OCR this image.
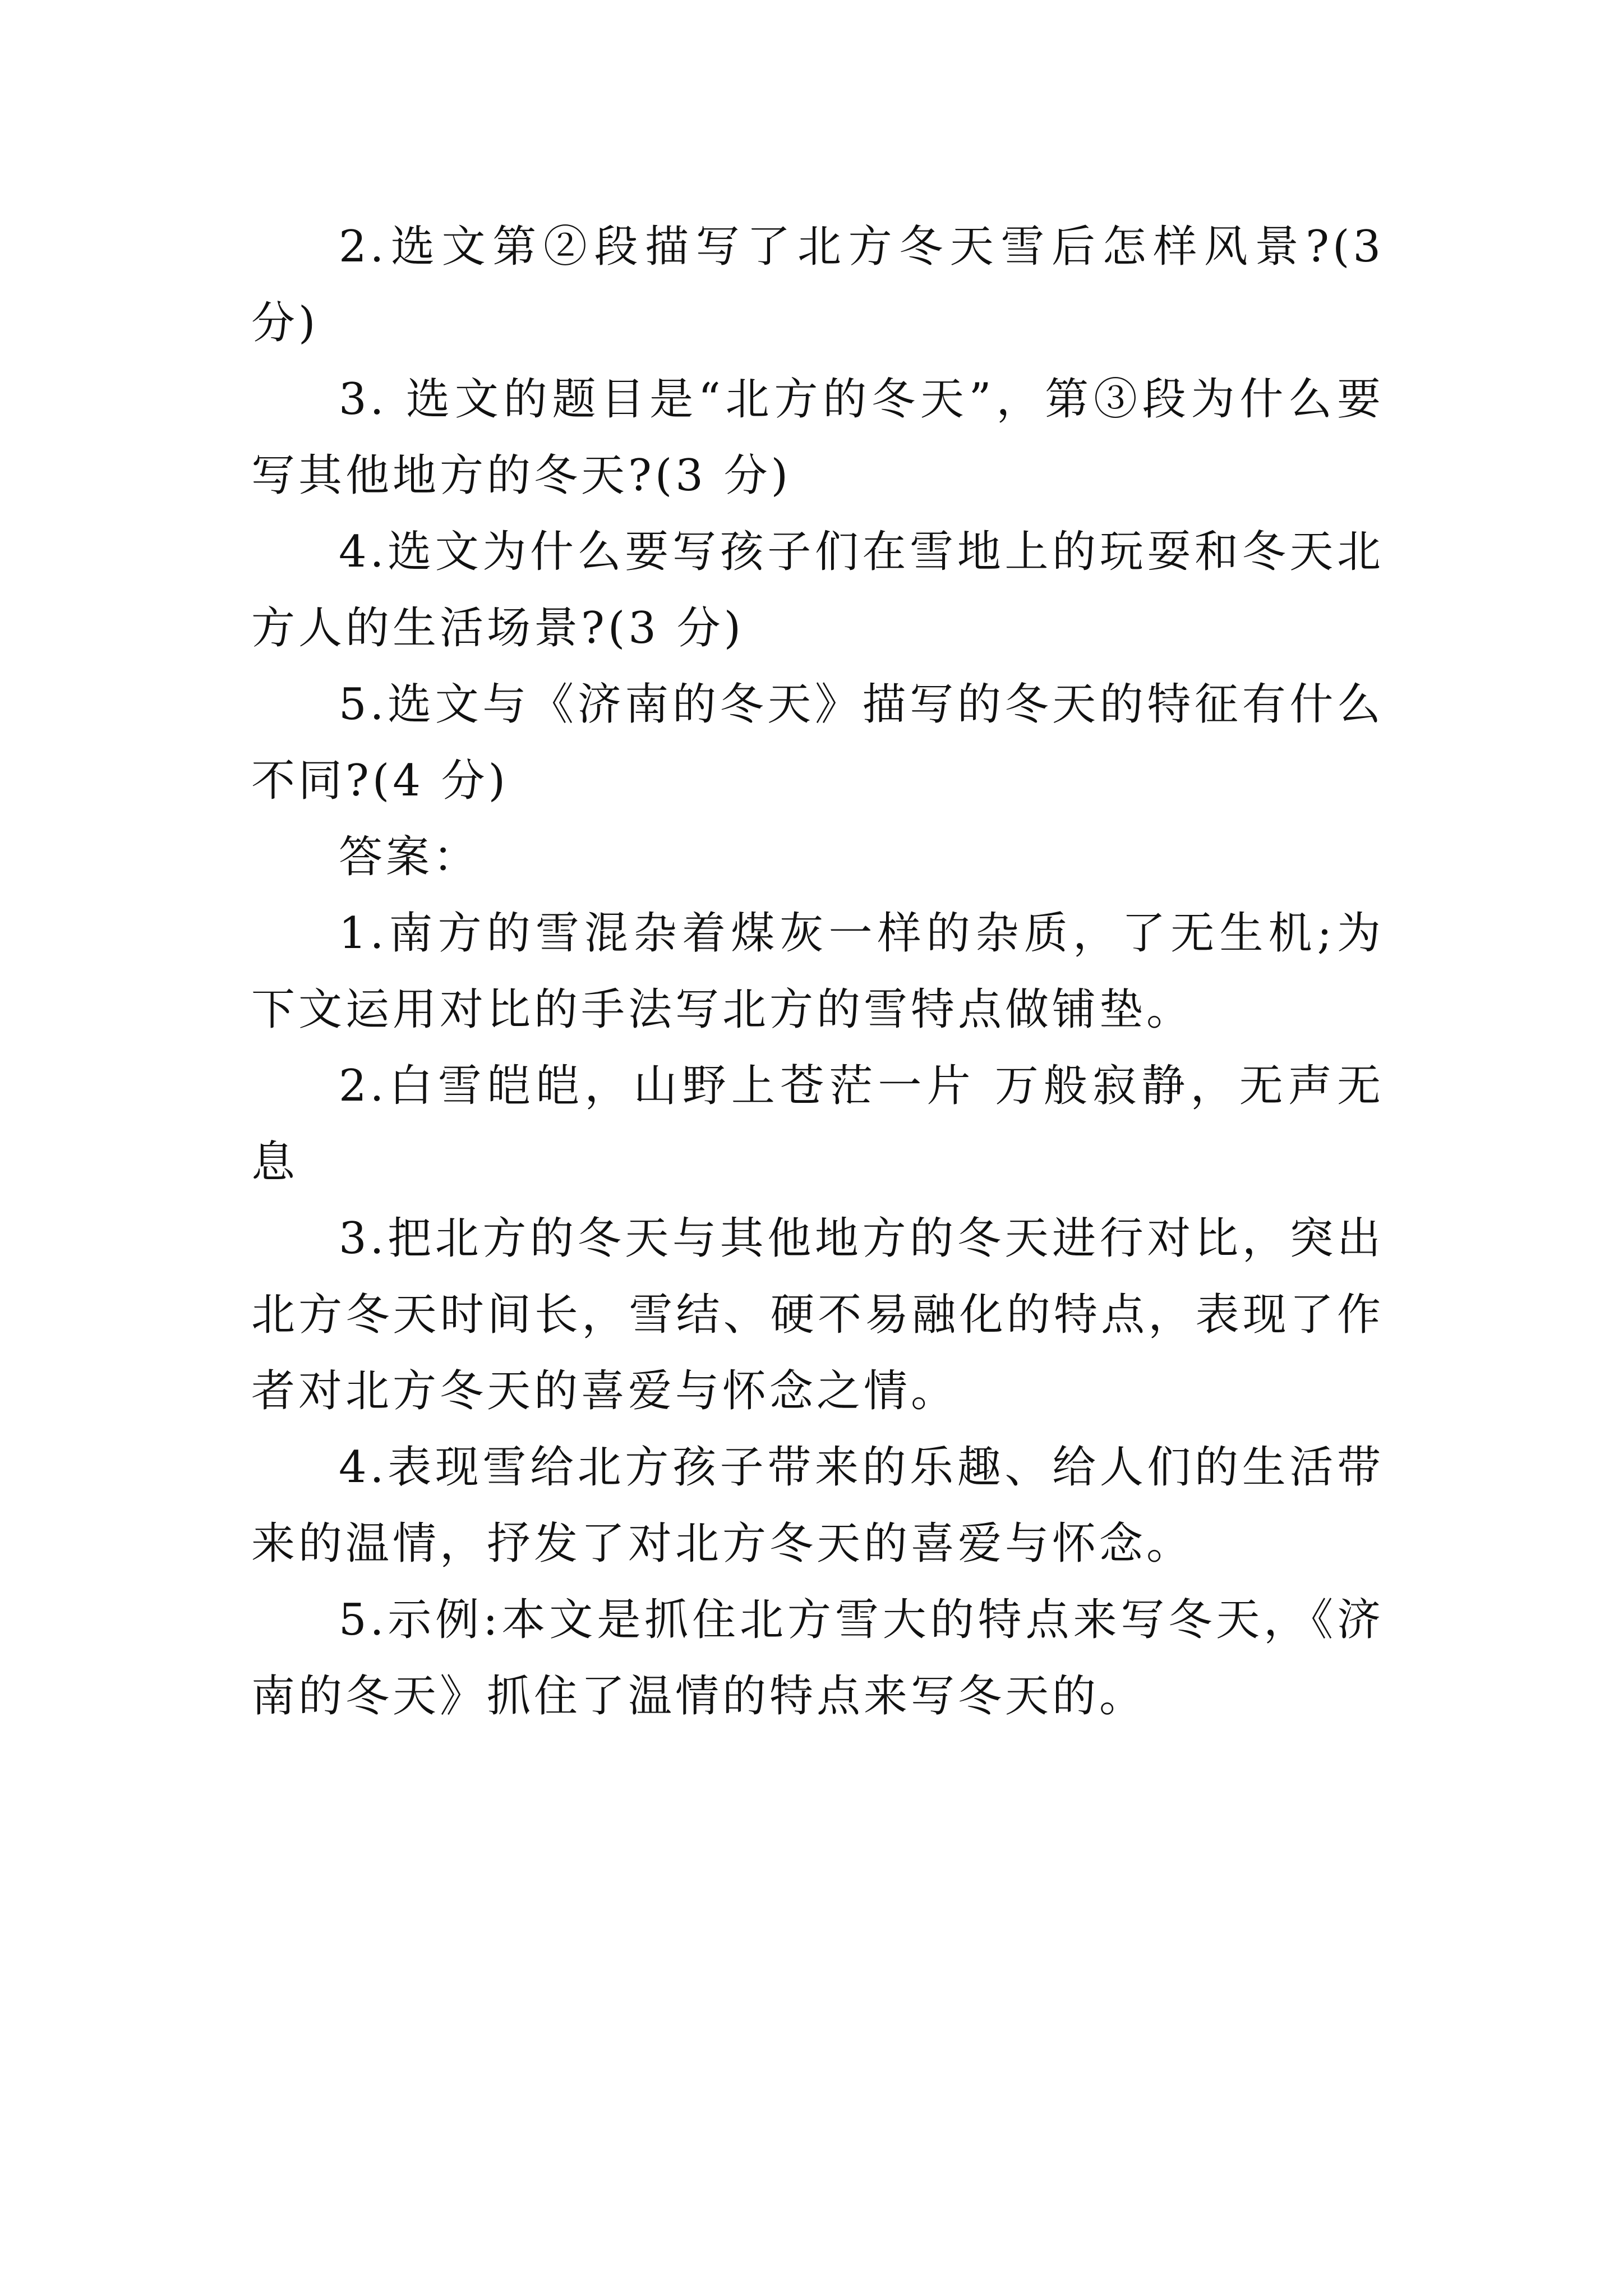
2.选文第②段描写了北方冬天雪后怎样风景?(3 分)

3. 选文的题目是“北方的冬天”，第③段为什么要写其他地方的冬天?(3 分)

4.选文为什么要写孩子们在雪地上的玩耍和冬天北方人的生活场景?(3 分)

5.选文与《济南的冬天》描写的冬天的特征有什么不同?(4 分)

答案：

1.南方的雪混杂着煤灰一样的杂质，了无生机;为下文运用对比的手法写北方的雪特点做铺垫。

2.白雪皑皑，山野上苍茫一片 万般寂静，无声无息

3.把北方的冬天与其他地方的冬天进行对比，突出北方冬天时间长，雪结、硬不易融化的特点，表现了作者对北方冬天的喜爱与怀念之情。

4.表现雪给北方孩子带来的乐趣、给人们的生活带来的温情，抒发了对北方冬天的喜爱与怀念。

5.示例:本文是抓住北方雪大的特点来写冬天，《济南的冬天》抓住了温情的特点来写冬天的。
